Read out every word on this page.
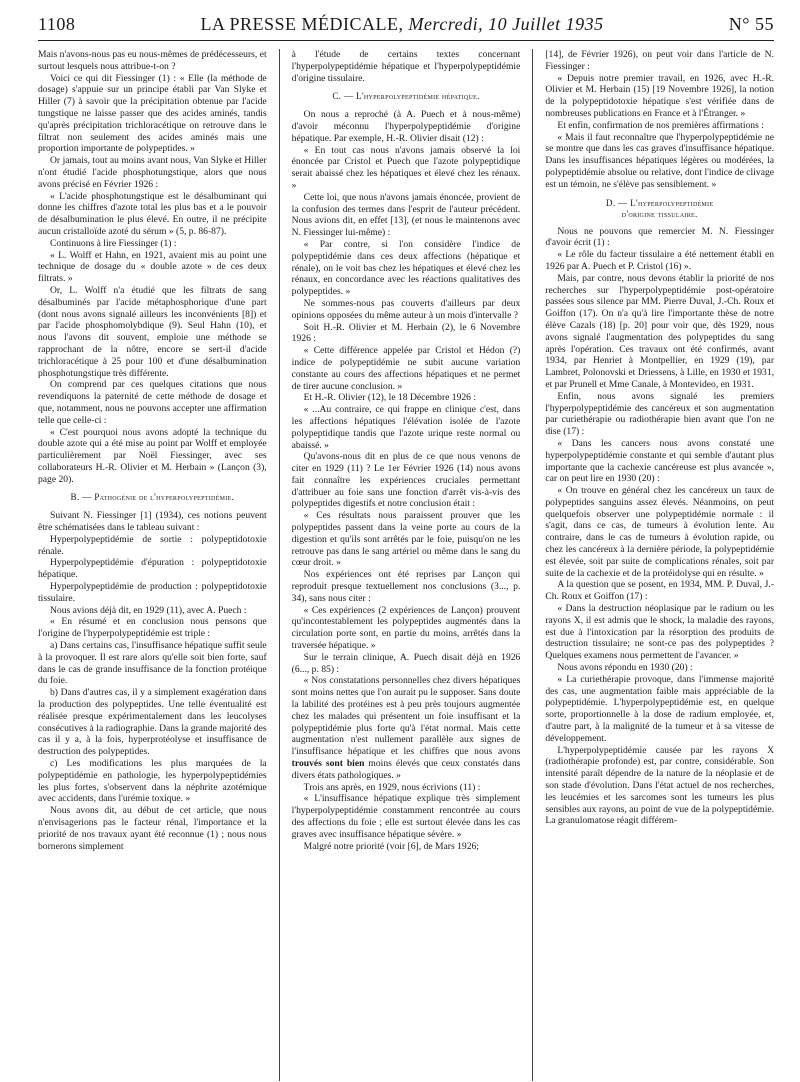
1108	LA PRESSE MÉDICALE, Mercredi, 10 Juillet 1935	N° 55

Mais n'avons-nous pas eu nous-mêmes de prédécesseurs, et surtout lesquels nous attribue-t-on ?

Voici ce qui dit Fiessinger (1) : « Elle (la méthode de dosage) s'appuie sur un principe établi par Van Slyke et Hiller (7) à savoir que la précipitation obtenue par l'acide tungstique ne laisse passer que des acides aminés, tandis qu'après précipitation trichloracétique on retrouve dans le filtrat non seulement des acides aminés mais une proportion importante de polypeptides. »

Or jamais, tout au moins avant nous, Van Slyke et Hiller n'ont étudié l'acide phosphotungstique, alors que nous avons précisé en Février 1926 :

« L'acide phosphotungstique est le désalbuminant qui donne les chiffres d'azote total les plus bas et a le pouvoir de désalbumination le plus élevé. En outre, il ne précipite aucun cristalloïde azoté du sérum » (5, p. 86-87).

Continuons à lire Fiessinger (1) :

« L. Wolff et Hahn, en 1921, avaient mis au point une technique de dosage du « double azote » de ces deux filtrats. »

Or, L. Wolff n'a étudié que les filtrats de sang désalbuminés par l'acide métaphosphorique d'une part (dont nous avons signalé ailleurs les inconvénients [8]) et par l'acide phosphomolybdique (9). Seul Hahn (10), et nous l'avons dit souvent, emploie une méthode se rapprochant de la nôtre, encore se sert-il d'acide trichloracétique à 25 pour 100 et d'une désalbumination phosphotungstique très différente.

On comprend par ces quelques citations que nous revendiquons la paternité de cette méthode de dosage et que, notamment, nous ne pouvons accepter une affirmation telle que celle-ci :

« C'est pourquoi nous avons adopté la technique du double azote qui a été mise au point par Wolff et employée particulièrement par Noël Fiessinger, avec ses collaborateurs H.-R. Olivier et M. Herbain » (Lançon (3), page 20).

B. — Pathogénie de l'hyperpolypeptidémie.

Suivant N. Fiessinger [1] (1934), ces notions peuvent être schématisées dans le tableau suivant :

Hyperpolypeptidémie de sortie : polypeptidotoxie rénale.

Hyperpolypeptidémie d'épuration : polypeptidotoxie hépatique.

Hyperpolypeptidémie de production : polypeptidotoxie tissulaire.

Nous avions déjà dit, en 1929 (11), avec A. Puech :

« En résumé et en conclusion nous pensons que l'origine de l'hyperpolypeptidémie est triple :

a) Dans certains cas, l'insuffisance hépatique suffit seule à la provoquer. Il est rare alors qu'elle soit bien forte, sauf dans le cas de grande insuffisance de la fonction protéique du foie.

b) Dans d'autres cas, il y a simplement exagération dans la production des polypeptides. Une telle éventualité est réalisée presque expérimentalement dans les leucolyses consécutives à la radiographie. Dans la grande majorité des cas il y a, à la fois, hyperprotéolyse et insuffisance de destruction des polypeptides.

c) Les modifications les plus marquées de la polypeptidémie en pathologie, les hyperpolypeptidémies les plus fortes, s'observent dans la néphrite azotémique avec accidents, dans l'urémie toxique. »

Nous avons dit, au début de cet article, que nous n'envisagerions pas le facteur rénal, l'importance et la priorité de nos travaux ayant été reconnue (1) ; nous nous bornerons simplement

à l'étude de certains textes concernant l'hyperpolypeptidémie hépatique et l'hyperpolypeptidémie d'origine tissulaire.

C. — L'hyperpolypeptidémie hépatique.

On nous a reproché (à A. Puech et à nous-même) d'avoir méconnu l'hyperpolypeptidémie d'origine hépatique. Par exemple, H.-R. Olivier disait (12) :

« En tout cas nous n'avons jamais observé la loi énoncée par Cristol et Puech que l'azote polypeptidique serait abaissé chez les hépatiques et élevé chez les rénaux. »

Cette loi, que nous n'avons jamais énoncée, provient de la confusion des termes dans l'esprit de l'auteur précédent. Nous avions dit, en effet [13], (et nous le maintenons avec N. Fiessinger lui-même) :

« Par contre, si l'on considère l'indice de polypeptidémie dans ces deux affections (hépatique et rénale), on le voit bas chez les hépatiques et élevé chez les rénaux, en concordance avec les réactions qualitatives des polypeptides. »

Ne sommes-nous pas couverts d'ailleurs par deux opinions opposées du même auteur à un mois d'intervalle ?

Soit H.-R. Olivier et M. Herbain (2), le 6 Novembre 1926 :

« Cette différence appelée par Cristol et Hédon (?) indice de polypeptidémie ne subit aucune variation constante au cours des affections hépatiques et ne permet de tirer aucune conclusion. »

Et H.-R. Olivier (12), le 18 Décembre 1926 :

« ...Au contraire, ce qui frappe en clinique c'est, dans les affections hépatiques l'élévation isolée de l'azote polypeptidique tandis que l'azote urique reste normal ou abaissé. »

Qu'avons-nous dit en plus de ce que nous venons de citer en 1929 (11) ? Le 1er Février 1926 (14) nous avons fait connaître les expériences cruciales permettant d'attribuer au foie sans une fonction d'arrêt vis-à-vis des polypeptides digestifs et notre conclusion était :

« Ces résultats nous paraissent prouver que les polypeptides passent dans la veine porte au cours de la digestion et qu'ils sont arrêtés par le foie, puisqu'on ne les retrouve pas dans le sang artériel ou même dans le sang du cœur droit. »

Nos expériences ont été reprises par Lançon qui reproduit presque textuellement nos conclusions (3..., p. 34), sans nous citer :

« Ces expériences (2 expériences de Lançon) prouvent qu'incontestablement les polypeptides augmentés dans la circulation porte sont, en partie du moins, arrêtés dans la traversée hépatique. »

Sur le terrain clinique, A. Puech disait déjà en 1926 (6..., p. 85) :

« Nos constatations personnelles chez divers hépatiques sont moins nettes que l'on aurait pu le supposer. Sans doute la labilité des protéines est à peu près toujours augmentée chez les malades qui présentent un foie insuffisant et la polypeptidémie plus forte qu'à l'état normal. Mais cette augmentation n'est nullement parallèle aux signes de l'insuffisance hépatique et les chiffres que nous avons trouvés sont bien moins élevés que ceux constatés dans divers états pathologiques. »

Trois ans après, en 1929, nous écrivions (11) :

« L'insuffisance hépatique explique très simplement l'hyperpolypeptidémie constamment rencontrée au cours des affections du foie ; elle est surtout élevée dans les cas graves avec insuffisance hépatique sévère. »

Malgré notre priorité (voir [6], de Mars 1926;

[14], de Février 1926), on peut voir dans l'article de N. Fiessinger :

« Depuis notre premier travail, en 1926, avec H.-R. Olivier et M. Herbain (15) [19 Novembre 1926], la notion de la polypeptidotoxie hépatique s'est vérifiée dans de nombreuses publications en France et à l'Étranger. »

Et enfin, confirmation de nos premières affirmations :

« Mais il faut reconnaître que l'hyperpolypeptidémie ne se montre que dans les cas graves d'insuffisance hépatique. Dans les insuffisances hépatiques légères ou modérées, la polypeptidémie absolue ou relative, dont l'indice de clivage est un témoin, ne s'élève pas sensiblement. »

D. — L'hyperpolypeptidémie
d'origine tissulaire.

Nous ne pouvons que remercier M. N. Fiessinger d'avoir écrit (1) :

« Le rôle du facteur tissulaire a été nettement établi en 1926 par A. Puech et P. Cristol (16) ».

Mais, par contre, nous devons établir la priorité de nos recherches sur l'hyperpolypeptidémie post-opératoire passées sous silence par MM. Pierre Duval, J.-Ch. Roux et Goiffon (17). On n'a qu'à lire l'importante thèse de notre élève Cazals (18) [p. 20] pour voir que, dès 1929, nous avons signalé l'augmentation des polypeptides du sang après l'opération. Ces travaux ont été confirmés, avant 1934, par Henriet à Montpellier, en 1929 (19), par Lambret, Polonovski et Driessens, à Lille, en 1930 et 1931, et par Prunell et Mme Canale, à Montevideo, en 1931.

Enfin, nous avons signalé les premiers l'hyperpolypeptidémie des cancéreux et son augmentation par curiethérapie ou radiothérapie bien avant que l'on ne dise (17) :

« Dans les cancers nous avons constaté une hyperpolypeptidémie constante et qui semble d'autant plus importante que la cachexie cancéreuse est plus avancée », car on peut lire en 1930 (20) :

« On trouve en général chez les cancéreux un taux de polypeptides sanguins assez élevés. Néanmoins, on peut quelquefois observer une polypeptidémie normale : il s'agit, dans ce cas, de tumeurs à évolution lente. Au contraire, dans le cas de tumeurs à évolution rapide, ou chez les cancéreux à la dernière période, la polypeptidémie est élevée, soit par suite de complications rénales, soit par suite de la cachexie et de la protéidolyse qui en résulte. »

A la question que se posent, en 1934, MM. P. Duval, J.-Ch. Roux et Goiffon (17) :

« Dans la destruction néoplasique par le radium ou les rayons X, il est admis que le shock, la maladie des rayons, est due à l'intoxication par la résorption des produits de destruction tissulaire; ne sont-ce pas des polypeptides ? Quelques examens nous permettent de l'avancer. »

Nous avons répondu en 1930 (20) :

« La curiethérapie provoque, dans l'immense majorité des cas, une augmentation faible mais appréciable de la polypeptidémie. L'hyperpolypeptidémie est, en quelque sorte, proportionnelle à la dose de radium employée, et, d'autre part, à la malignité de la tumeur et à sa vitesse de développement.

L'hyperpolypeptidémie causée par les rayons X (radiothérapie profonde) est, par contre, considérable. Son intensité paraît dépendre de la nature de la néoplasie et de son stade d'évolution. Dans l'état actuel de nos recherches, les leucémies et les sarcomes sont les tumeurs les plus sensibles aux rayons, au point de vue de la polypeptidémie. La granulomatose réagit différem-
